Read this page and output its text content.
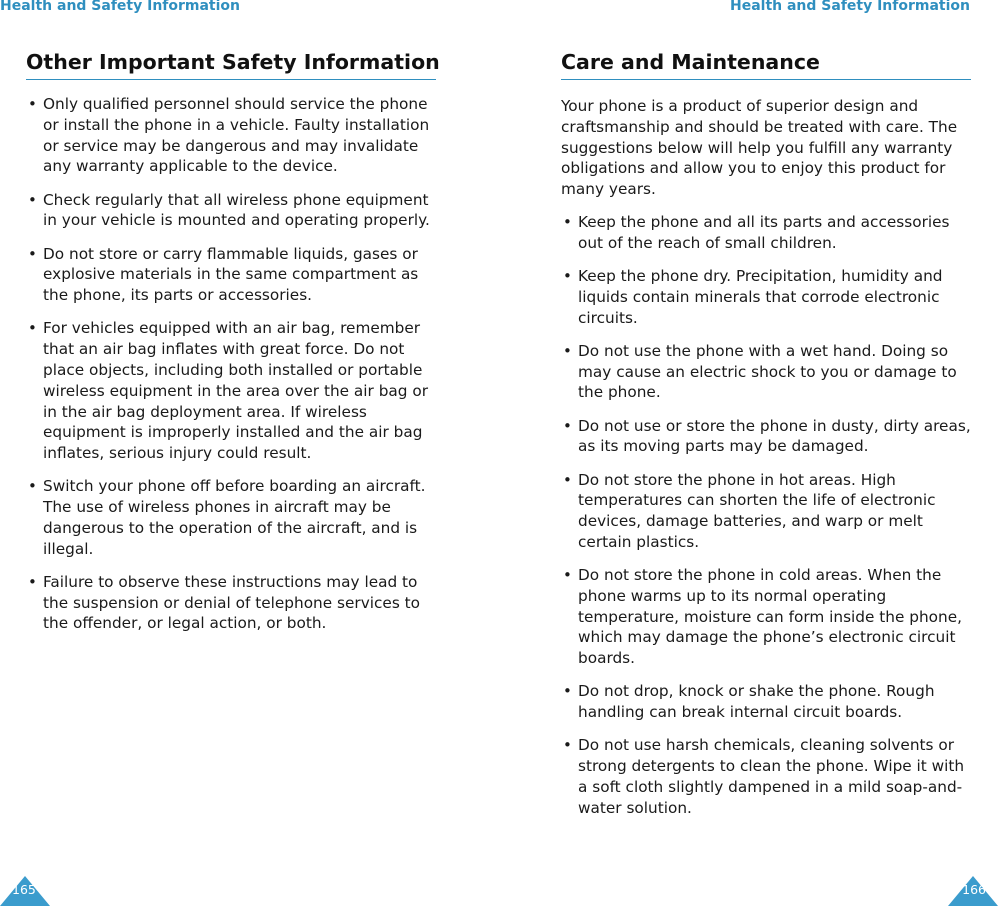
Health and Safety Information
Other Important Safety Information
• Only qualified personnel should service the phone or install the phone in a vehicle. Faulty installation or service may be dangerous and may invalidate any warranty applicable to the device.
• Check regularly that all wireless phone equipment in your vehicle is mounted and operating properly.
• Do not store or carry flammable liquids, gases or explosive materials in the same compartment as the phone, its parts or accessories.
• For vehicles equipped with an air bag, remember that an air bag inflates with great force. Do not place objects, including both installed or portable wireless equipment in the area over the air bag or in the air bag deployment area. If wireless equipment is improperly installed and the air bag inflates, serious injury could result.
• Switch your phone off before boarding an aircraft. The use of wireless phones in aircraft may be dangerous to the operation of the aircraft, and is illegal.
• Failure to observe these instructions may lead to the suspension or denial of telephone services to the offender, or legal action, or both.
Health and Safety Information
Care and Maintenance

Your phone is a product of superior design and craftsmanship and should be treated with care. The suggestions below will help you fulfill any warranty obligations and allow you to enjoy this product for many years.

• Keep the phone and all its parts and accessories out of the reach of small children.
• Keep the phone dry. Precipitation, humidity and liquids contain minerals that corrode electronic circuits.
• Do not use the phone with a wet hand. Doing so may cause an electric shock to you or damage to the phone.
• Do not use or store the phone in dusty, dirty areas, as its moving parts may be damaged.
• Do not store the phone in hot areas. High temperatures can shorten the life of electronic devices, damage batteries, and warp or melt certain plastics.
• Do not store the phone in cold areas. When the phone warms up to its normal operating temperature, moisture can form inside the phone, which may damage the phone’s electronic circuit boards.
• Do not drop, knock or shake the phone. Rough handling can break internal circuit boards.
• Do not use harsh chemicals, cleaning solvents or strong detergents to clean the phone. Wipe it with a soft cloth slightly dampened in a mild soap-and-water solution.
165	166
